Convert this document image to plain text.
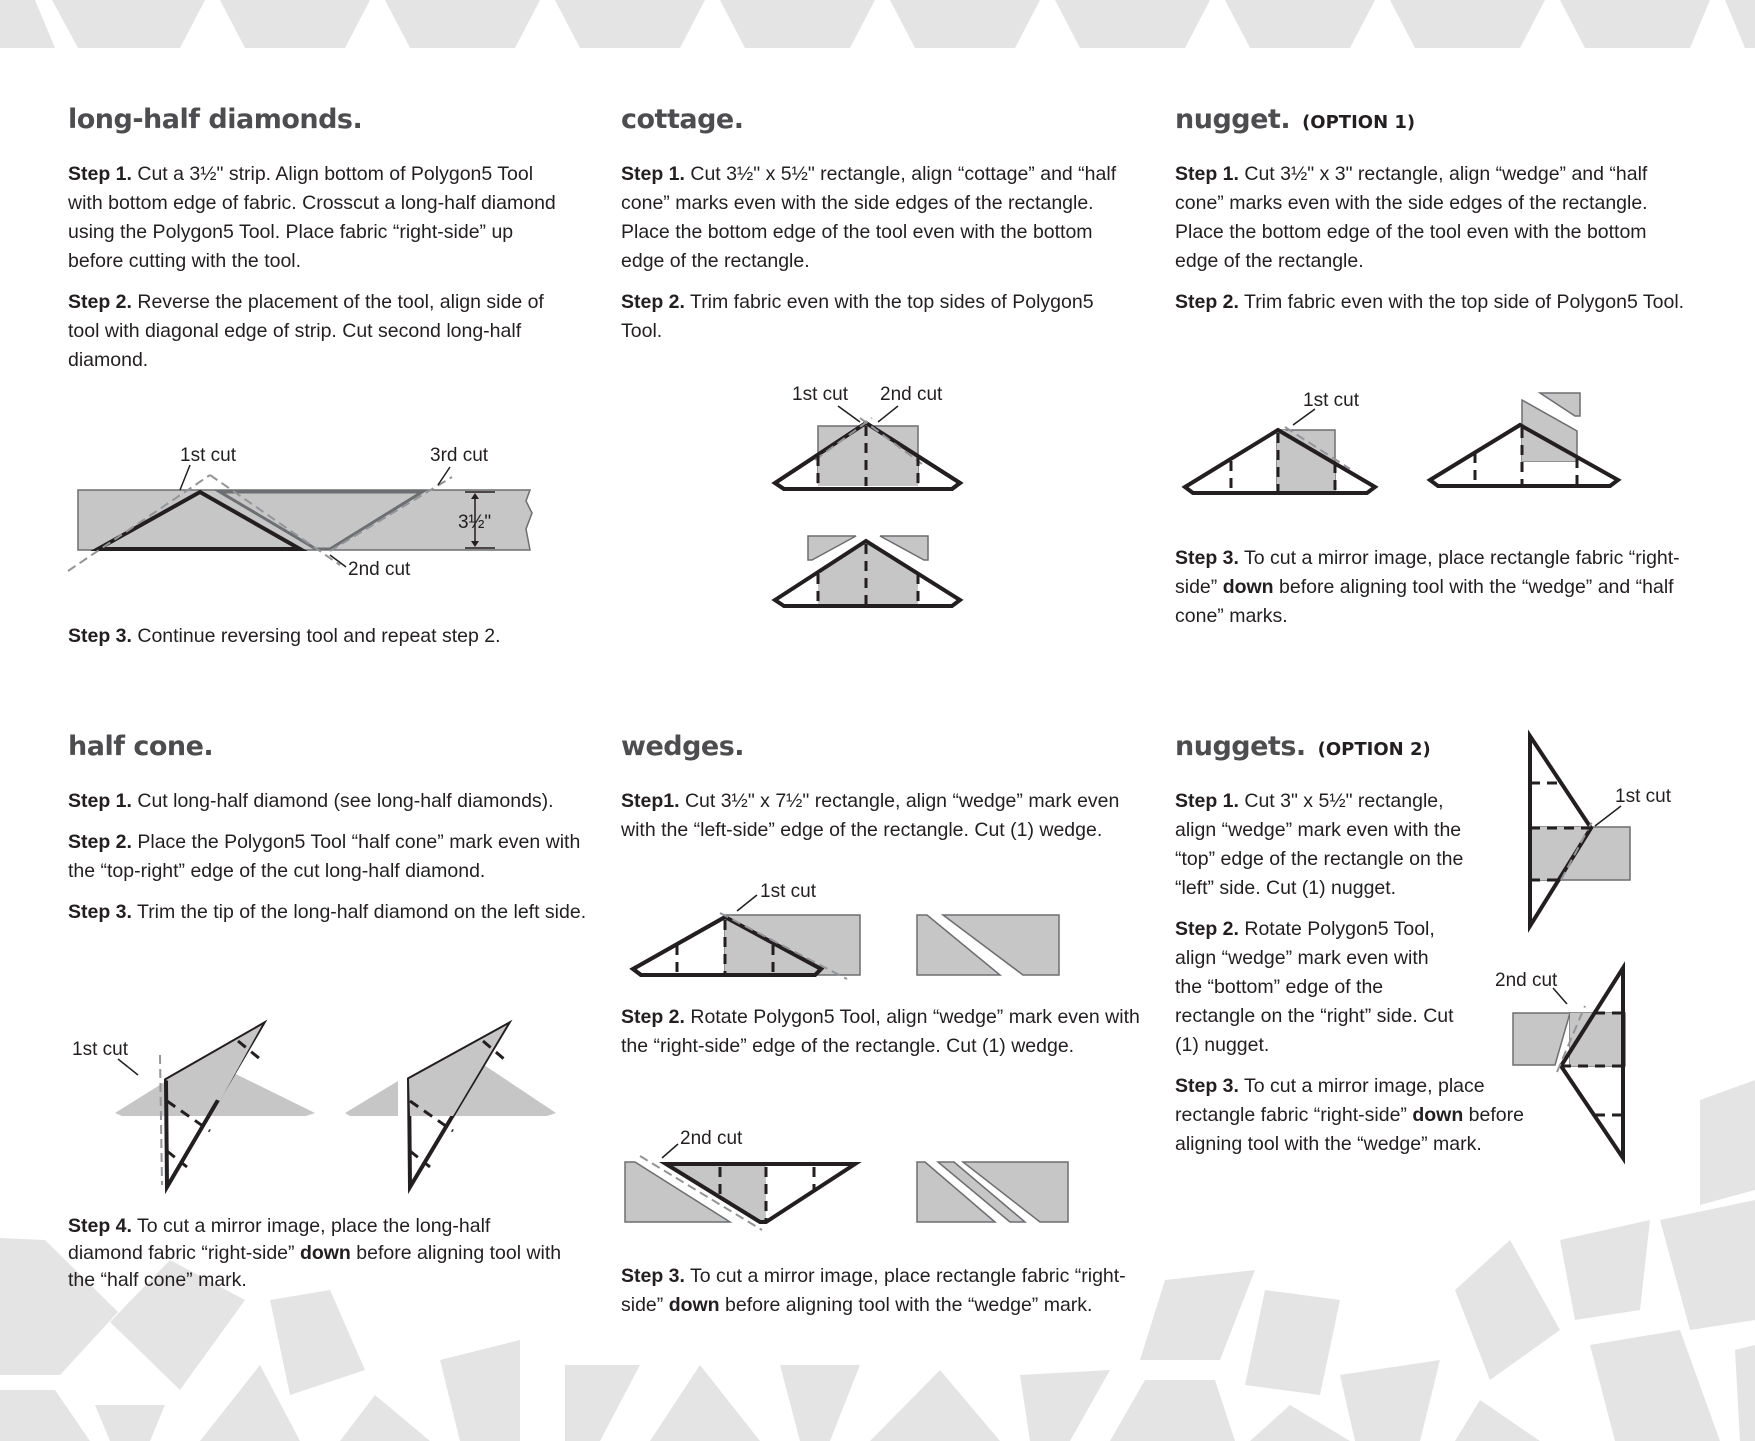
long-half diamonds.

Step 1. Cut a 3½" strip. Align bottom of Polygon5 Tool with bottom edge of fabric. Crosscut a long-half diamond using the Polygon5 Tool. Place fabric “right-side” up before cutting with the tool.

Step 2. Reverse the placement of the tool, align side of tool with diagonal edge of strip. Cut second long-half diamond.

1st cut	3rd cut
2nd cut
3½"

Step 3. Continue reversing tool and repeat step 2.

cottage.

Step 1. Cut 3½" x 5½" rectangle, align “cottage” and “half cone” marks even with the side edges of the rectangle. Place the bottom edge of the tool even with the bottom edge of the rectangle.

Step 2. Trim fabric even with the top sides of Polygon5 Tool.

1st cut 2nd cut
nugget. (OPTION 1)

Step 1. Cut 3½" x 3" rectangle, align “wedge” and “half cone” marks even with the side edges of the rectangle. Place the bottom edge of the tool even with the bottom edge of the rectangle.

Step 2. Trim fabric even with the top side of Polygon5 Tool.

1st cut

Step 3. To cut a mirror image, place rectangle fabric “right-side” down before aligning tool with the “wedge” and “half cone” marks.

half cone.

Step 1. Cut long-half diamond (see long-half diamonds).

Step 2. Place the Polygon5 Tool “half cone” mark even with the “top-right” edge of the cut long-half diamond.

Step 3. Trim the tip of the long-half diamond on the left side.

1st cut

Step 4. To cut a mirror image, place the long-half diamond fabric “right-side” down before aligning tool with the “half cone” mark.

wedges.

Step1. Cut 3½" x 7½" rectangle, align “wedge” mark even with the “left-side” edge of the rectangle. Cut (1) wedge.

1st cut

Step 2. Rotate Polygon5 Tool, align “wedge” mark even with the “right-side” edge of the rectangle. Cut (1) wedge.

2nd cut

Step 3. To cut a mirror image, place rectangle fabric “right-side” down before aligning tool with the “wedge” mark.

nuggets. (OPTION 2)

Step 1. Cut 3" x 5½" rectangle, align “wedge” mark even with the “top” edge of the rectangle on the “left” side. Cut (1) nugget.

Step 2. Rotate Polygon5 Tool, align “wedge” mark even with the “bottom” edge of the rectangle on the “right” side. Cut (1) nugget.

Step 3. To cut a mirror image, place rectangle fabric “right-side” down before aligning tool with the “wedge” mark.

1st cut
2nd cut
